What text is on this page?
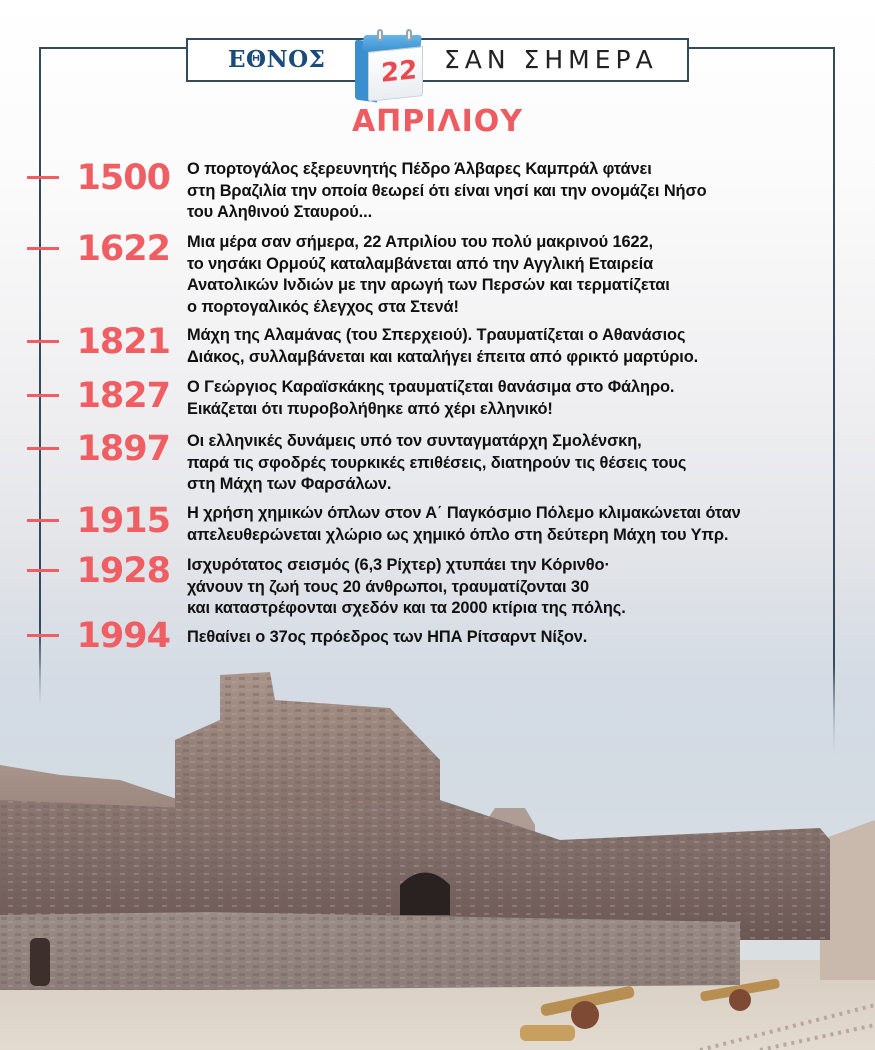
ΕΘΝΟΣ	ΣΑΝ ΣΗΜΕΡΑ
22
ΑΠΡΙΛΙΟΥ
1500 Ο πορτογάλος εξερευνητής Πέδρο Άλβαρες Καμπράλ φτάνει
στη Βραζιλία την οποία θεωρεί ότι είναι νησί και την ονομάζει Νήσο
του Αληθινού Σταυρού...
1622 Μια μέρα σαν σήμερα, 22 Απριλίου του πολύ μακρινού 1622,
το νησάκι Ορμούζ καταλαμβάνεται από την Αγγλική Εταιρεία
Ανατολικών Ινδιών με την αρωγή των Περσών και τερματίζεται
ο πορτογαλικός έλεγχος στα Στενά!
1821 Μάχη της Αλαμάνας (του Σπερχειού). Τραυματίζεται ο Αθανάσιος
Διάκος, συλλαμβάνεται και καταλήγει έπειτα από φρικτό μαρτύριο.
1827 Ο Γεώργιος Καραϊσκάκης τραυματίζεται θανάσιμα στο Φάληρο.
Εικάζεται ότι πυροβολήθηκε από χέρι ελληνικό!
1897 Οι ελληνικές δυνάμεις υπό τον συνταγματάρχη Σμολένσκη,
παρά τις σφοδρές τουρκικές επιθέσεις, διατηρούν τις θέσεις τους
στη Μάχη των Φαρσάλων.
1915 Η χρήση χημικών όπλων στον Α΄ Παγκόσμιο Πόλεμο κλιμακώνεται όταν
απελευθερώνεται χλώριο ως χημικό όπλο στη δεύτερη Μάχη του Υπρ.
1928 Ισχυρότατος σεισμός (6,3 Ρίχτερ) χτυπάει την Κόρινθο·
χάνουν τη ζωή τους 20 άνθρωποι, τραυματίζονται 30
και καταστρέφονται σχεδόν και τα 2000 κτίρια της πόλης.
1994 Πεθαίνει ο 37ος πρόεδρος των ΗΠΑ Ρίτσαρντ Νίξον.
